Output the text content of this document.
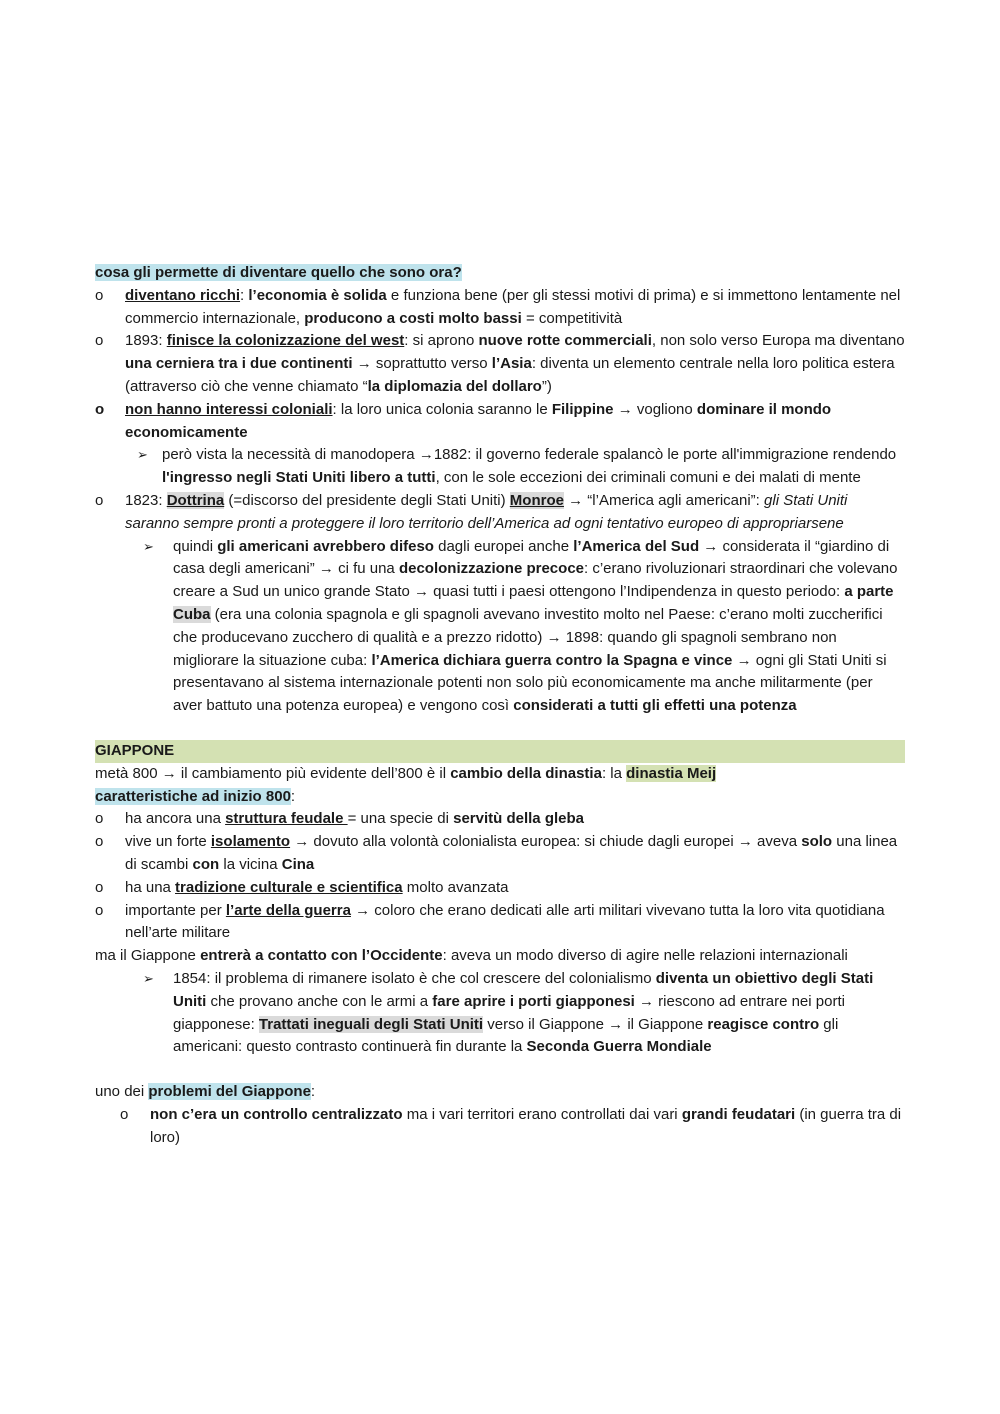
cosa gli permette di diventare quello che sono ora?

o diventano ricchi: l’economia è solida e funziona bene (per gli stessi motivi di prima) e si immettono lentamente nel commercio internazionale, producono a costi molto bassi = competitività
o 1893: finisce la colonizzazione del west: si aprono nuove rotte commerciali, non solo verso Europa ma diventano una cerniera tra i due continenti → soprattutto verso l’Asia: diventa un elemento centrale nella loro politica estera (attraverso ciò che venne chiamato “la diplomazia del dollaro”)
o non hanno interessi coloniali: la loro unica colonia saranno le Filippine → vogliono dominare il mondo economicamente
➢ però vista la necessità di manodopera →1882: il governo federale spalancò le porte all'immigrazione rendendo l'ingresso negli Stati Uniti libero a tutti, con le sole eccezioni dei criminali comuni e dei malati di mente
o 1823: Dottrina (=discorso del presidente degli Stati Uniti) Monroe → “l’America agli americani”: gli Stati Uniti saranno sempre pronti a proteggere il loro territorio dell’America ad ogni tentativo europeo di appropriarsene
➢ quindi gli americani avrebbero difeso dagli europei anche l’America del Sud → considerata il “giardino di casa degli americani” → ci fu una decolonizzazione precoce: c’erano rivoluzionari straordinari che volevano creare a Sud un unico grande Stato → quasi tutti i paesi ottengono l’Indipendenza in questo periodo: a parte Cuba (era una colonia spagnola e gli spagnoli avevano investito molto nel Paese: c’erano molti zuccherifici che producevano zucchero di qualità e a prezzo ridotto) → 1898: quando gli spagnoli sembrano non migliorare la situazione cuba: l’America dichiara guerra contro la Spagna e vince → ogni gli Stati Uniti si presentavano al sistema internazionale potenti non solo più economicamente ma anche militarmente (per aver battuto una potenza europea) e vengono così considerati a tutti gli effetti una potenza

GIAPPONE

metà 800 → il cambiamento più evidente dell’800 è il cambio della dinastia: la dinastia Meij

caratteristiche ad inizio 800:

o ha ancora una struttura feudale = una specie di servitù della gleba
o vive un forte isolamento → dovuto alla volontà colonialista europea: si chiude dagli europei → aveva solo una linea di scambi con la vicina Cina
o ha una tradizione culturale e scientifica molto avanzata
o importante per l’arte della guerra → coloro che erano dedicati alle arti militari vivevano tutta la loro vita quotidiana nell’arte militare

ma il Giappone entrerà a contatto con l’Occidente: aveva un modo diverso di agire nelle relazioni internazionali

➢ 1854: il problema di rimanere isolato è che col crescere del colonialismo diventa un obiettivo degli Stati Uniti che provano anche con le armi a fare aprire i porti giapponesi → riescono ad entrare nei porti giapponese: Trattati ineguali degli Stati Uniti verso il Giappone → il Giappone reagisce contro gli americani: questo contrasto continuerà fin durante la Seconda Guerra Mondiale

uno dei problemi del Giappone:

o non c’era un controllo centralizzato ma i vari territori erano controllati dai vari grandi feudatari (in guerra tra di loro)
